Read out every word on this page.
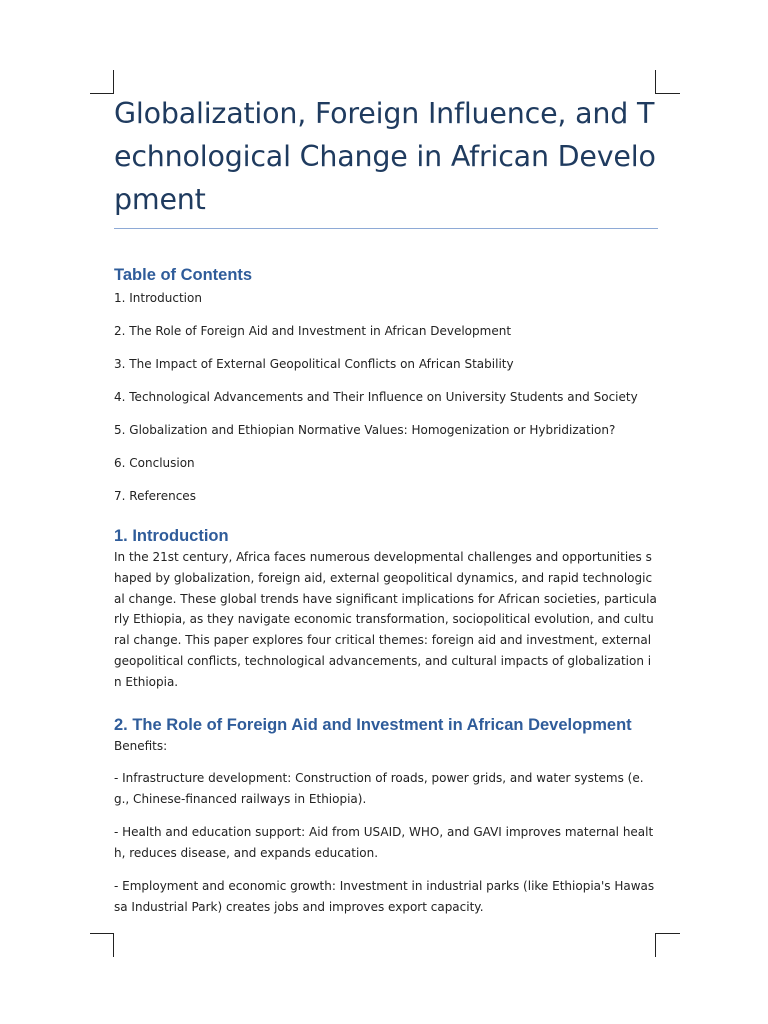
Globalization, Foreign Influence, and Technological Change in African Development
Table of Contents
1. Introduction
2. The Role of Foreign Aid and Investment in African Development
3. The Impact of External Geopolitical Conflicts on African Stability
4. Technological Advancements and Their Influence on University Students and Society
5. Globalization and Ethiopian Normative Values: Homogenization or Hybridization?
6. Conclusion
7. References
1. Introduction

In the 21st century, Africa faces numerous developmental challenges and opportunities shaped by globalization, foreign aid, external geopolitical dynamics, and rapid technological change. These global trends have significant implications for African societies, particularly Ethiopia, as they navigate economic transformation, sociopolitical evolution, and cultural change. This paper explores four critical themes: foreign aid and investment, external geopolitical conflicts, technological advancements, and cultural impacts of globalization in Ethiopia.

2. The Role of Foreign Aid and Investment in African Development

Benefits:

- Infrastructure development: Construction of roads, power grids, and water systems (e.g., Chinese-financed railways in Ethiopia).

- Health and education support: Aid from USAID, WHO, and GAVI improves maternal health, reduces disease, and expands education.

- Employment and economic growth: Investment in industrial parks (like Ethiopia's Hawassa Industrial Park) creates jobs and improves export capacity.
